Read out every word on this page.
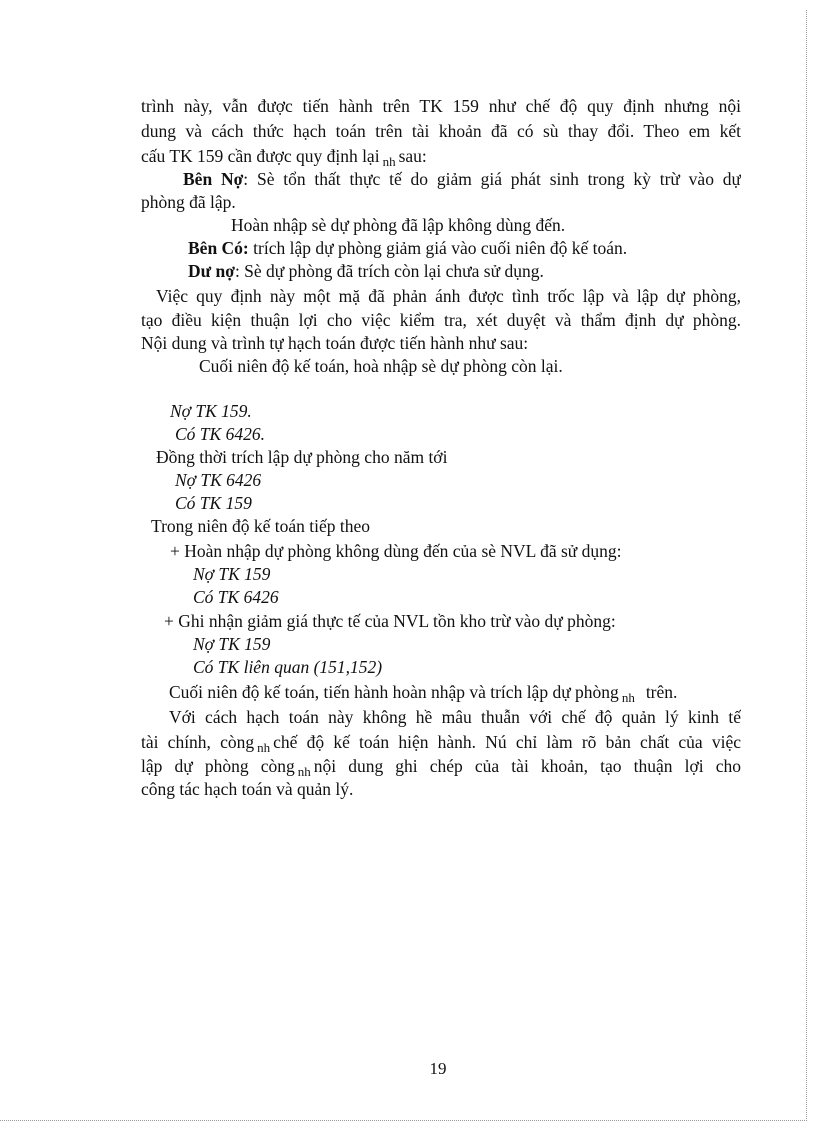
trình này, vẫn được tiến hành trên TK 159 như chế độ quy định nhưng nội
dung và cách thức hạch toán trên tài khoản đã có sù thay đổi. Theo em kết
cấu TK 159 cần được quy định lại $_{nh}$ sau:
Bên Nợ: Sè tổn thất thực tế do giảm giá phát sinh trong kỳ trừ vào dự
phòng đã lập.
Hoàn nhập sè dự phòng đã lập không dùng đến.
Bên Có: trích lập dự phòng giảm giá vào cuối niên độ kế toán.
Dư nợ: Sè dự phòng đã trích còn lại chưa sử dụng.
Việc quy định này một mặ đã phản ánh được tình trốc lập và lập dự phòng,
tạo điều kiện thuận lợi cho việc kiểm tra, xét duyệt và thẩm định dự phòng.
Nội dung và trình tự hạch toán được tiến hành như sau:
Cuối niên độ kế toán, hoà nhập sè dự phòng còn lại.
Nợ TK 159.
Có TK 6426.
Đồng thời trích lập dự phòng cho năm tới
Nợ TK 6426
Có TK 159
Trong niên độ kế toán tiếp theo
+ Hoàn nhập dự phòng không dùng đến của sè NVL đã sử dụng:
Nợ TK 159
Có TK 6426
+ Ghi nhận giảm giá thực tế của NVL tồn kho trừ vào dự phòng:
Nợ TK 159
Có TK liên quan (151,152)
Cuối niên độ kế toán, tiến hành hoàn nhập và trích lập dự phòng $_{nh}$ trên.
Với cách hạch toán này không hề mâu thuẫn với chế độ quản lý kinh tế
tài chính, còng $_{nh}$ chế độ kế toán hiện hành. Nú chỉ làm rõ bản chất của việc
lập dự phòng còng $_{nh}$ nội dung ghi chép của tài khoản, tạo thuận lợi cho
công tác hạch toán và quản lý.
19
